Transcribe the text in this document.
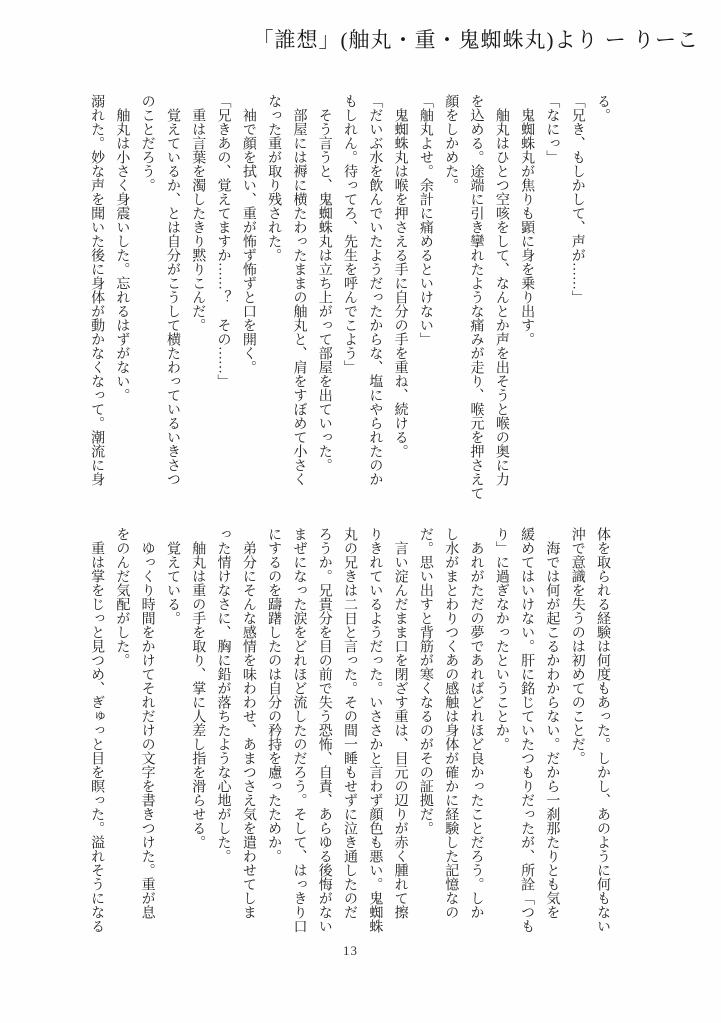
「誰想」(舳丸・重・鬼蜘蛛丸)より ー りーこ
る。
「兄き、もしかして、声が……」
「なにっ」
鬼蜘蛛丸が焦りも顕に身を乗り出す。
舳丸はひとつ空咳をして、なんとか声を出そうと喉の奥に力
を込める。途端に引き攣れたような痛みが走り、喉元を押さえて
顔をしかめた。
「舳丸よせ。余計に痛めるといけない」
鬼蜘蛛丸は喉を押さえる手に自分の手を重ね、続ける。
「だいぶ水を飲んでいたようだったからな、塩にやられたのか
もしれん。待ってろ、先生を呼んでこよう」
そう言うと、鬼蜘蛛丸は立ち上がって部屋を出ていった。
部屋には褥に横たわったままの舳丸と、肩をすぼめて小さく
なった重が取り残された。
袖で顔を拭い、重が怖ず怖ずと口を開く。
「兄きあの、覚えてますか……？　その……」
重は言葉を濁したきり黙りこんだ。
覚えているか、とは自分がこうして横たわっているいきさつ
のことだろう。
舳丸は小さく身震いした。忘れるはずがない。
溺れた。妙な声を聞いた後に身体が動かなくなって。潮流に身
体を取られる経験は何度もあった。しかし、あのように何もない
沖で意識を失うのは初めてのことだ。
海では何が起こるかわからない。だから一刹那たりとも気を
緩めてはいけない。肝に銘じていたつもりだったが、所詮「つも
り」に過ぎなかったということか。
あれがただの夢であればどれほど良かったことだろう。しか
し水がまとわりつくあの感触は身体が確かに経験した記憶なの
だ。思い出すと背筋が寒くなるのがその証拠だ。
言い淀んだまま口を閉ざす重は、目元の辺りが赤く腫れて擦
りきれているようだった。いささかと言わず顔色も悪い。鬼蜘蛛
丸の兄きは二日と言った。その間一睡もせずに泣き通したのだ
ろうか。兄貴分を目の前で失う恐怖、自責、あらゆる後悔がない
まぜになった涙をどれほど流したのだろう。そして、はっきり口
にするのを躊躇したのは自分の矜持を慮ったためか。
弟分にそんな感情を味わわせ、あまつさえ気を遣わせてしま
った情けなさに、胸に鉛が落ちたような心地がした。
舳丸は重の手を取り、掌に人差し指を滑らせる。
覚えている。
ゆっくり時間をかけてそれだけの文字を書きつけた。重が息
をのんだ気配がした。
重は掌をじっと見つめ、ぎゅっと目を瞑った。溢れそうになる
13
